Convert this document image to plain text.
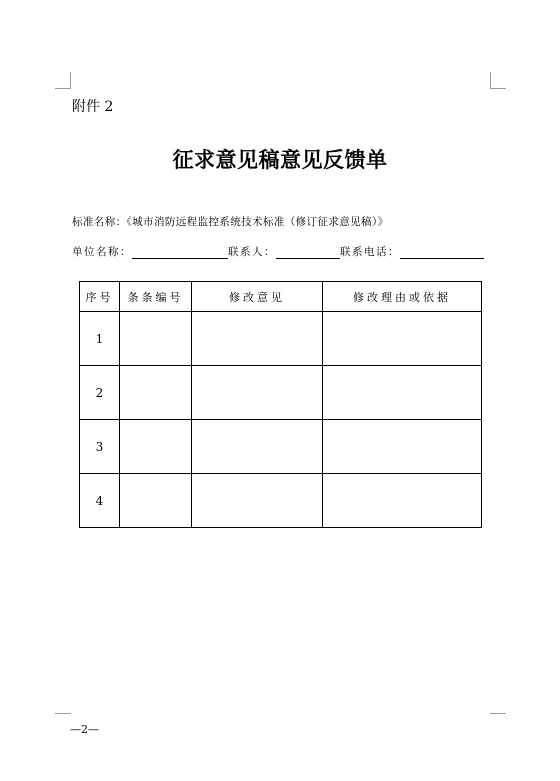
附件 2
征求意见稿意见反馈单
标准名称：《城市消防远程监控系统技术标准（修订征求意见稿）》
单位名称：	联系人：	联系电话：
序号	条条编号	修改意见	修改理由或依据
1			
2			
3			
4			
—2—
